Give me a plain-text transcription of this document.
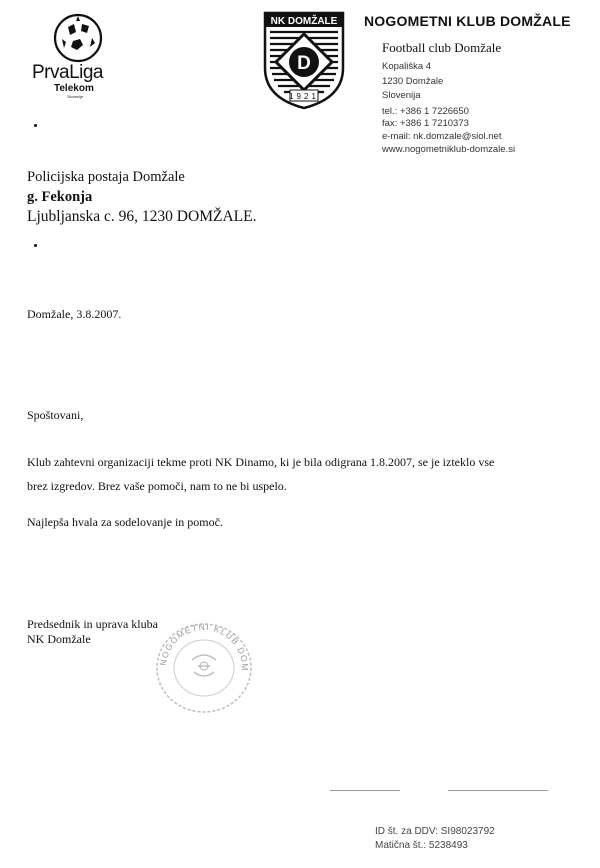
PrvaLiga
Telekom
Slovenije
NK DOMŽALE
D
1921
NOGOMETNI KLUB DOMŽALE
Football club Domžale
Kopališka 4
1230 Domžale
Slovenija
tel.: +386 1 7226650
fax: +386 1 7210373
e-mail: nk.domzale@siol.net
www.nogometniklub-domzale.si
Policijska postaja Domžale
g. Fekonja
Ljubljanska c. 96, 1230 DOMŽALE.
Domžale, 3.8.2007.
Spoštovani,
Klub zahtevni organizaciji tekme proti NK Dinamo, ki je bila odigrana 1.8.2007, se je izteklo vse
brez izgredov. Brez vaše pomoči, nam to ne bi uspelo.
Najlepša hvala za sodelovanje in pomoč.
Predsednik in uprava kluba
NK Domžale
NOGOMETNI KLUB DOM
ID št. za DDV: SI98023792
Matična št.: 5238493
